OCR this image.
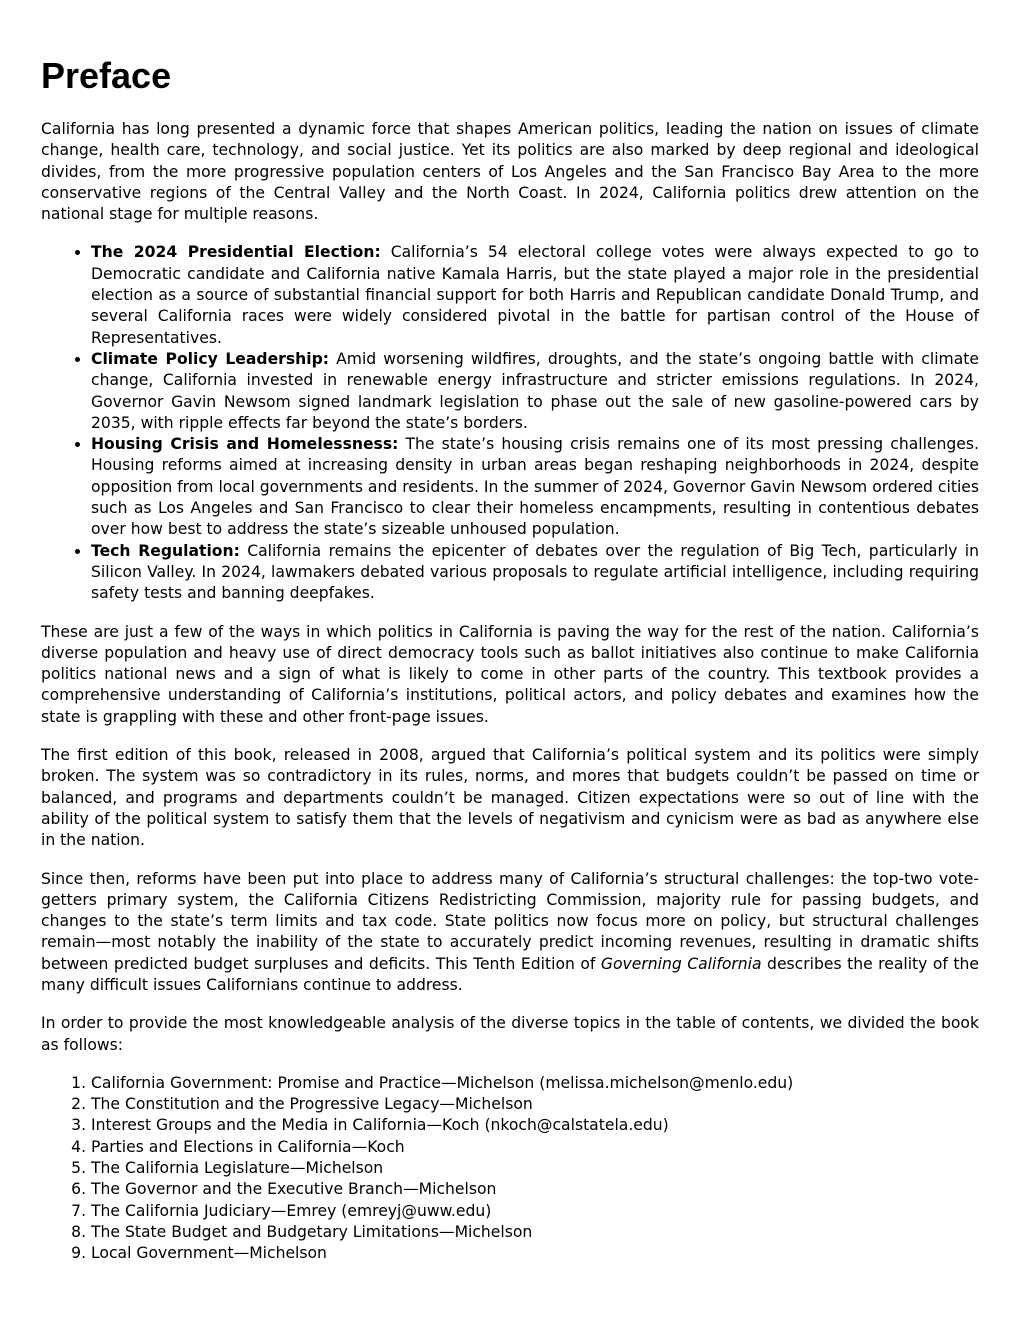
Preface

California has long presented a dynamic force that shapes American politics, leading the nation on issues of climate change, health care, technology, and social justice. Yet its politics are also marked by deep regional and ideological divides, from the more progressive population centers of Los Angeles and the San Francisco Bay Area to the more conservative regions of the Central Valley and the North Coast. In 2024, California politics drew attention on the national stage for multiple reasons.

• The 2024 Presidential Election: California’s 54 electoral college votes were always expected to go to Democratic candidate and California native Kamala Harris, but the state played a major role in the presidential election as a source of substantial financial support for both Harris and Republican candidate Donald Trump, and several California races were widely considered pivotal in the battle for partisan control of the House of Representatives.
• Climate Policy Leadership: Amid worsening wildfires, droughts, and the state’s ongoing battle with climate change, California invested in renewable energy infrastructure and stricter emissions regulations. In 2024, Governor Gavin Newsom signed landmark legislation to phase out the sale of new gasoline-powered cars by 2035, with ripple effects far beyond the state’s borders.
• Housing Crisis and Homelessness: The state’s housing crisis remains one of its most pressing challenges. Housing reforms aimed at increasing density in urban areas began reshaping neighborhoods in 2024, despite opposition from local governments and residents. In the summer of 2024, Governor Gavin Newsom ordered cities such as Los Angeles and San Francisco to clear their homeless encampments, resulting in contentious debates over how best to address the state’s sizeable unhoused population.
• Tech Regulation: California remains the epicenter of debates over the regulation of Big Tech, particularly in Silicon Valley. In 2024, lawmakers debated various proposals to regulate artificial intelligence, including requiring safety tests and banning deepfakes.

These are just a few of the ways in which politics in California is paving the way for the rest of the nation. California’s diverse population and heavy use of direct democracy tools such as ballot initiatives also continue to make California politics national news and a sign of what is likely to come in other parts of the country. This textbook provides a comprehensive understanding of California’s institutions, political actors, and policy debates and examines how the state is grappling with these and other front-page issues.

The first edition of this book, released in 2008, argued that California’s political system and its politics were simply broken. The system was so contradictory in its rules, norms, and mores that budgets couldn’t be passed on time or balanced, and programs and departments couldn’t be managed. Citizen expectations were so out of line with the ability of the political system to satisfy them that the levels of negativism and cynicism were as bad as anywhere else in the nation.

Since then, reforms have been put into place to address many of California’s structural challenges: the top-two vote-getters primary system, the California Citizens Redistricting Commission, majority rule for passing budgets, and changes to the state’s term limits and tax code. State politics now focus more on policy, but structural challenges remain—most notably the inability of the state to accurately predict incoming revenues, resulting in dramatic shifts between predicted budget surpluses and deficits. This Tenth Edition of Governing California describes the reality of the many difficult issues Californians continue to address.

In order to provide the most knowledgeable analysis of the diverse topics in the table of contents, we divided the book as follows:

1. California Government: Promise and Practice—Michelson (melissa.michelson@menlo.edu)
2. The Constitution and the Progressive Legacy—Michelson
3. Interest Groups and the Media in California—Koch (nkoch@calstatela.edu)
4. Parties and Elections in California—Koch
5. The California Legislature—Michelson
6. The Governor and the Executive Branch—Michelson
7. The California Judiciary—Emrey (emreyj@uww.edu)
8. The State Budget and Budgetary Limitations—Michelson
9. Local Government—Michelson
